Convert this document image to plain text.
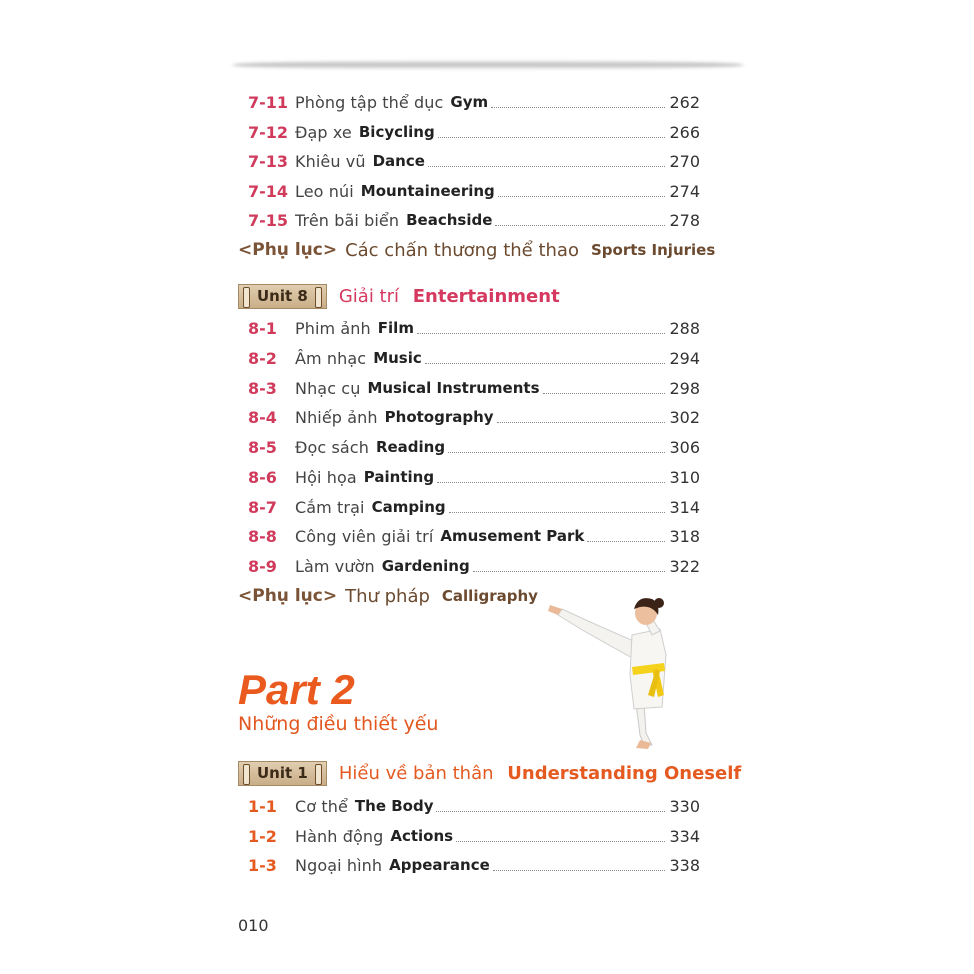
7-11 Phòng tập thể dục Gym	262
7-12 Đạp xe Bicycling	266
7-13 Khiêu vũ Dance	270
7-14 Leo núi Mountaineering	274
7-15 Trên bãi biển Beachside	278
<Phụ lục> Các chấn thương thể thao Sports Injuries
Unit 8 Giải trí Entertainment
8-1	Phim ảnh Film	288
8-2	Âm nhạc Music	294
8-3	Nhạc cụ Musical Instruments	298
8-4	Nhiếp ảnh Photography	302
8-5	Đọc sách Reading	306
8-6	Hội họa Painting	310
8-7	Cắm trại Camping	314
8-8	Công viên giải trí Amusement Park	318
8-9	Làm vườn Gardening	322
<Phụ lục> Thư pháp Calligraphy
Part 2
Những điều thiết yếu
Unit 1 Hiểu về bản thân Understanding Oneself
1-1	Cơ thể The Body	330
1-2	Hành động Actions	334
1-3	Ngoại hình Appearance	338
010
